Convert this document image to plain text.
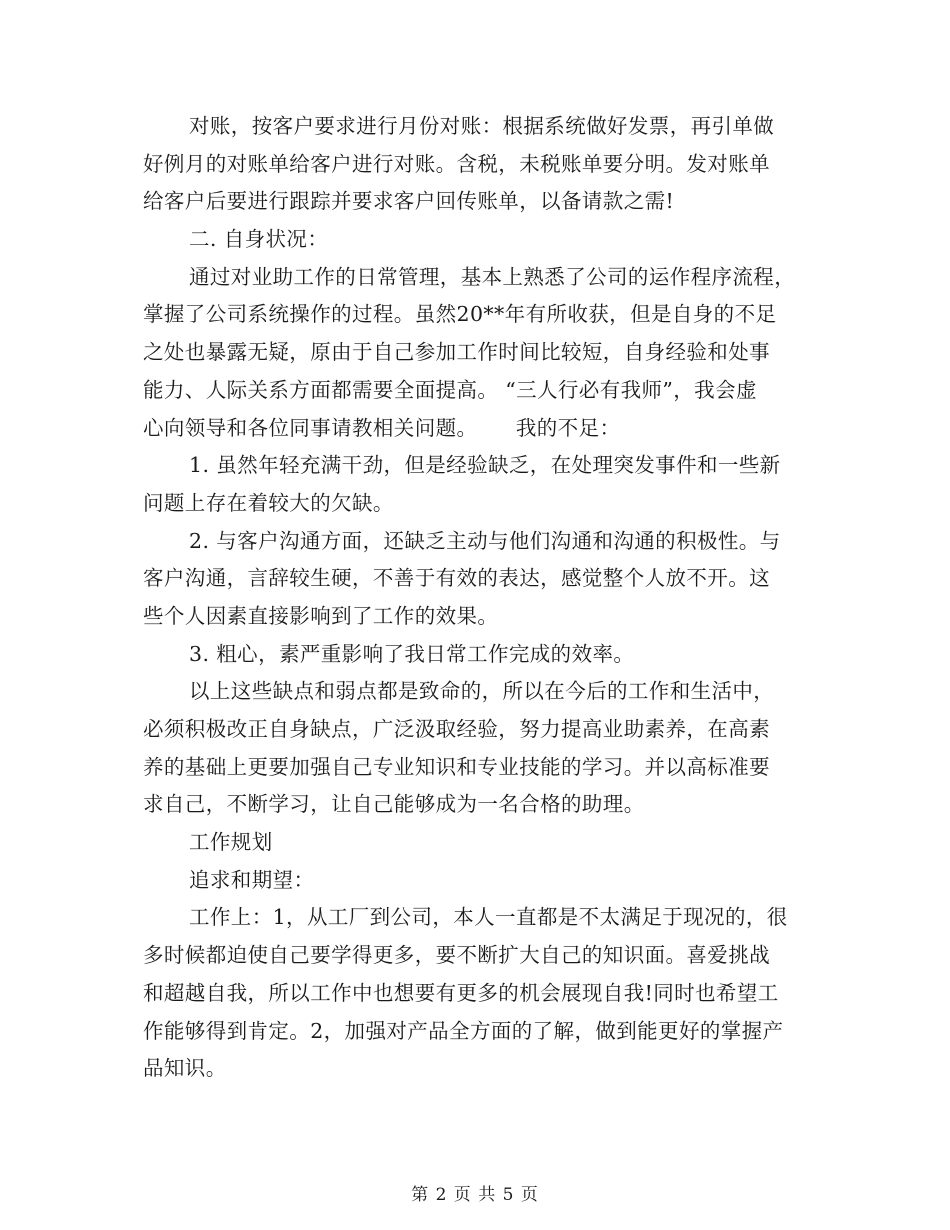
对账，按客户要求进行月份对账：根据系统做好发票，再引单做
好例月的对账单给客户进行对账。含税，未税账单要分明。发对账单
给客户后要进行跟踪并要求客户回传账单，以备请款之需!
二. 自身状况：
通过对业助工作的日常管理，基本上熟悉了公司的运作程序流程，
掌握了公司系统操作的过程。虽然20**年有所收获，但是自身的不足
之处也暴露无疑，原由于自己参加工作时间比较短，自身经验和处事
能力、人际关系方面都需要全面提高。 “三人行必有我师”，我会虚
心向领导和各位同事请教相关问题。　　 我的不足：
1. 虽然年轻充满干劲，但是经验缺乏，在处理突发事件和一些新
问题上存在着较大的欠缺。
2. 与客户沟通方面，还缺乏主动与他们沟通和沟通的积极性。与
客户沟通，言辞较生硬，不善于有效的表达，感觉整个人放不开。这
些个人因素直接影响到了工作的效果。
3. 粗心，素严重影响了我日常工作完成的效率。
以上这些缺点和弱点都是致命的，所以在今后的工作和生活中，
必须积极改正自身缺点，广泛汲取经验，努力提高业助素养，在高素
养的基础上更要加强自己专业知识和专业技能的学习。并以高标准要
求自己，不断学习，让自己能够成为一名合格的助理。
工作规划
追求和期望：
工作上：1，从工厂到公司，本人一直都是不太满足于现况的，很
多时候都迫使自己要学得更多，要不断扩大自己的知识面。喜爱挑战
和超越自我，所以工作中也想要有更多的机会展现自我!同时也希望工
作能够得到肯定。2，加强对产品全方面的了解，做到能更好的掌握产
品知识。
第 2 页 共 5 页
